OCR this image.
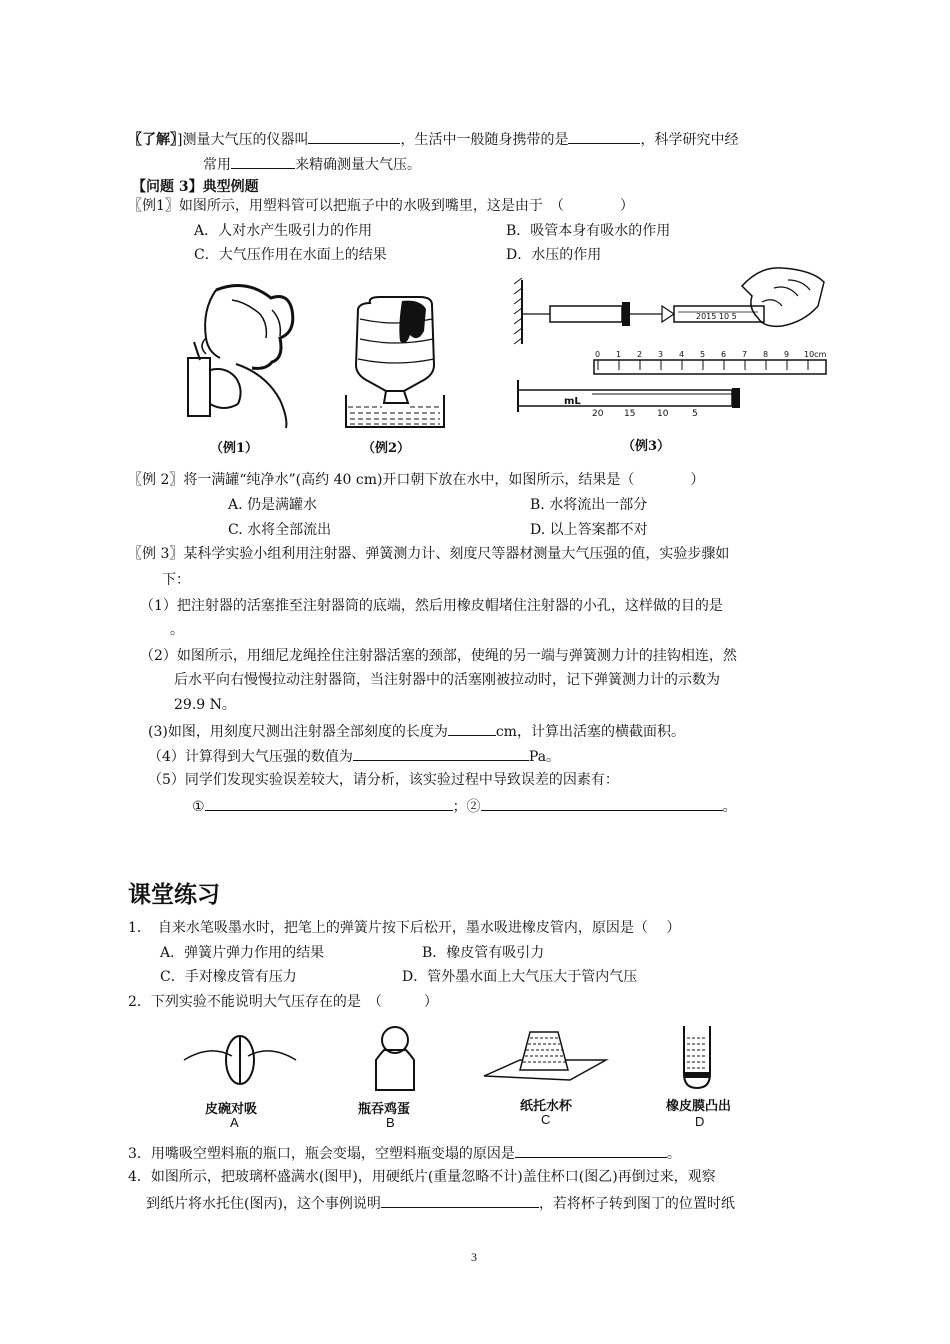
〖了解〗]测量大气压的仪器叫	，生活中一般随身携带的是	，科学研究中经
常用	来精确测量大气压。
【问题 3】典型例题
〖例1〗如图所示，用塑料管可以把瓶子中的水吸到嘴里，这是由于　（　　　　）
A．人对水产生吸引力的作用	B．吸管本身有吸水的作用
C．大气压作用在水面上的结果	D．水压的作用
（例1）	（例2）
2015 10 5
0 1 2 3 4 5 6 7 8 9 10cm
mL
20 15 10	5
（例3）
〖例 2〗将一满罐“纯净水”(高约 40 cm)开口朝下放在水中，如图所示，结果是（　　　　）
A. 仍是满罐水	B. 水将流出一部分
C. 水将全部流出	D. 以上答案都不对
〖例 3〗某科学实验小组利用注射器、弹簧测力计、刻度尺等器材测量大气压强的值，实验步骤如
下：
（1）把注射器的活塞推至注射器筒的底端，然后用橡皮帽堵住注射器的小孔，这样做的目的是
。
（2）如图所示，用细尼龙绳拴住注射器活塞的颈部，使绳的另一端与弹簧测力计的挂钩相连，然
后水平向右慢慢拉动注射器筒，当注射器中的活塞刚被拉动时，记下弹簧测力计的示数为
29.9 N。
(3)如图，用刻度尺测出注射器全部刻度的长度为	cm，计算出活塞的横截面积。
（4）计算得到大气压强的数值为	Pa。
（5）同学们发现实验误差较大，请分析，该实验过程中导致误差的因素有：
①	；②	。
课堂练习
1．　自来水笔吸墨水时，把笔上的弹簧片按下后松开，墨水吸进橡皮管内，原因是（　 ）
A．弹簧片弹力作用的结果	B．橡皮管有吸引力
C．手对橡皮管有压力	D．管外墨水面上大气压大于管内气压
2．下列实验不能说明大气压存在的是　（　　　）
皮碗对吸
A
瓶吞鸡蛋
B
纸托水杯
C
橡皮膜凸出
D
3．用嘴吸空塑料瓶的瓶口，瓶会变塌，空塑料瓶变塌的原因是	。
4．如图所示，把玻璃杯盛满水(图甲)，用硬纸片(重量忽略不计)盖住杯口(图乙)再倒过来，观察
到纸片将水托住(图丙)，这个事例说明	，若将杯子转到图丁的位置时纸
3
